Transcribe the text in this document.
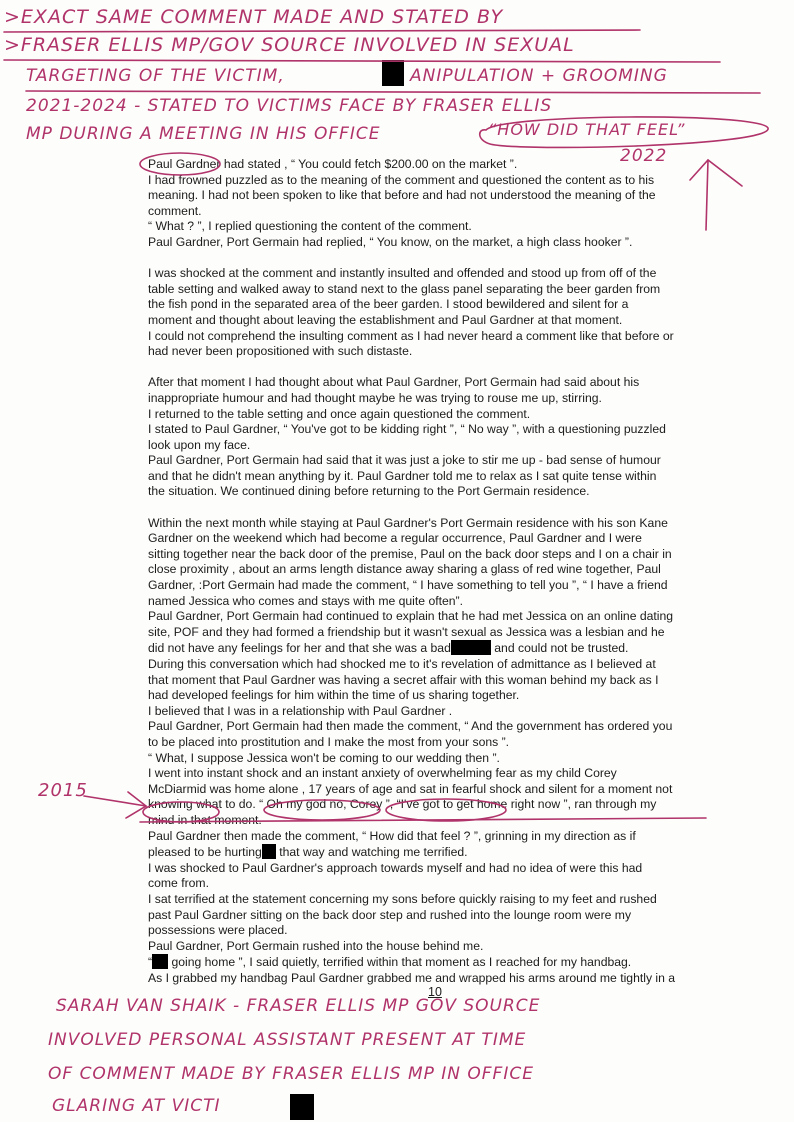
>EXACT SAME COMMENT MADE AND STATED BY
>FRASER ELLIS MP/GOV SOURCE INVOLVED IN SEXUAL
TARGETING OF THE VICTIM,	ANIPULATION + GROOMING
2021-2024 - STATED TO VICTIMS FACE BY FRASER ELLIS
MP DURING A MEETING IN HIS OFFICE	“HOW DID THAT FEEL”
2022
2015

Paul Gardner had stated , “ You could fetch $200.00 on the market ”.
I had frowned puzzled as to the meaning of the comment and questioned the content as to his
meaning. I had not been spoken to like that before and had not understood the meaning of the
comment.
“ What ? ”, I replied questioning the content of the comment.
Paul Gardner, Port Germain had replied, “ You know, on the market, a high class hooker ”.

I was shocked at the comment and instantly insulted and offended and stood up from off of the
table setting and walked away to stand next to the glass panel separating the beer garden from
the fish pond in the separated area of the beer garden. I stood bewildered and silent for a
moment and thought about leaving the establishment and Paul Gardner at that moment.
I could not comprehend the insulting comment as I had never heard a comment like that before or
had never been propositioned with such distaste.

After that moment I had thought about what Paul Gardner, Port Germain had said about his
inappropriate humour and had thought maybe he was trying to rouse me up, stirring.
I returned to the table setting and once again questioned the comment.
I stated to Paul Gardner, “ You've got to be kidding right ”, “ No way ”, with a questioning puzzled
look upon my face.
Paul Gardner, Port Germain had said that it was just a joke to stir me up - bad sense of humour
and that he didn't mean anything by it. Paul Gardner told me to relax as I sat quite tense within
the situation. We continued dining before returning to the Port Germain residence.

Within the next month while staying at Paul Gardner's Port Germain residence with his son Kane
Gardner on the weekend which had become a regular occurrence, Paul Gardner and I were
sitting together near the back door of the premise, Paul on the back door steps and I on a chair in
close proximity , about an arms length distance away sharing a glass of red wine together, Paul
Gardner, :Port Germain had made the comment, “ I have something to tell you ”, “ I have a friend
named Jessica who comes and stays with me quite often”.
Paul Gardner, Port Germain had continued to explain that he had met Jessica on an online dating
site, POF and they had formed a friendship but it wasn't sexual as Jessica was a lesbian and he
did not have any feelings for her and that she was a bad	and could not be trusted.
During this conversation which had shocked me to it's revelation of admittance as I believed at
that moment that Paul Gardner was having a secret affair with this woman behind my back as I
had developed feelings for him within the time of us sharing together.
I believed that I was in a relationship with Paul Gardner .
Paul Gardner, Port Germain had then made the comment, “ And the government has ordered you
to be placed into prostitution and I make the most from your sons ”.
“ What, I suppose Jessica won't be coming to our wedding then ”.
I went into instant shock and an instant anxiety of overwhelming fear as my child Corey
McDiarmid was home alone , 17 years of age and sat in fearful shock and silent for a moment not
knowing what to do. “ Oh my god no, Corey ”, “I've got to get home right now ”, ran through my
mind in that moment.
Paul Gardner then made the comment, “ How did that feel ? ”, grinning in my direction as if
pleased to be hurting that way and watching me terrified.
I was shocked to Paul Gardner's approach towards myself and had no idea of were this had
come from.
I sat terrified at the statement concerning my sons before quickly raising to my feet and rushed
past Paul Gardner sitting on the back door step and rushed into the lounge room were my
possessions were placed.
Paul Gardner, Port Germain rushed into the house behind me.
“ going home ”, I said quietly, terrified within that moment as I reached for my handbag.
As I grabbed my handbag Paul Gardner grabbed me and wrapped his arms around me tightly in a

10
SARAH VAN SHAIK - FRASER ELLIS MP GOV SOURCE
INVOLVED PERSONAL ASSISTANT PRESENT AT TIME
OF COMMENT MADE BY FRASER ELLIS MP IN OFFICE
GLARING AT VICTI
